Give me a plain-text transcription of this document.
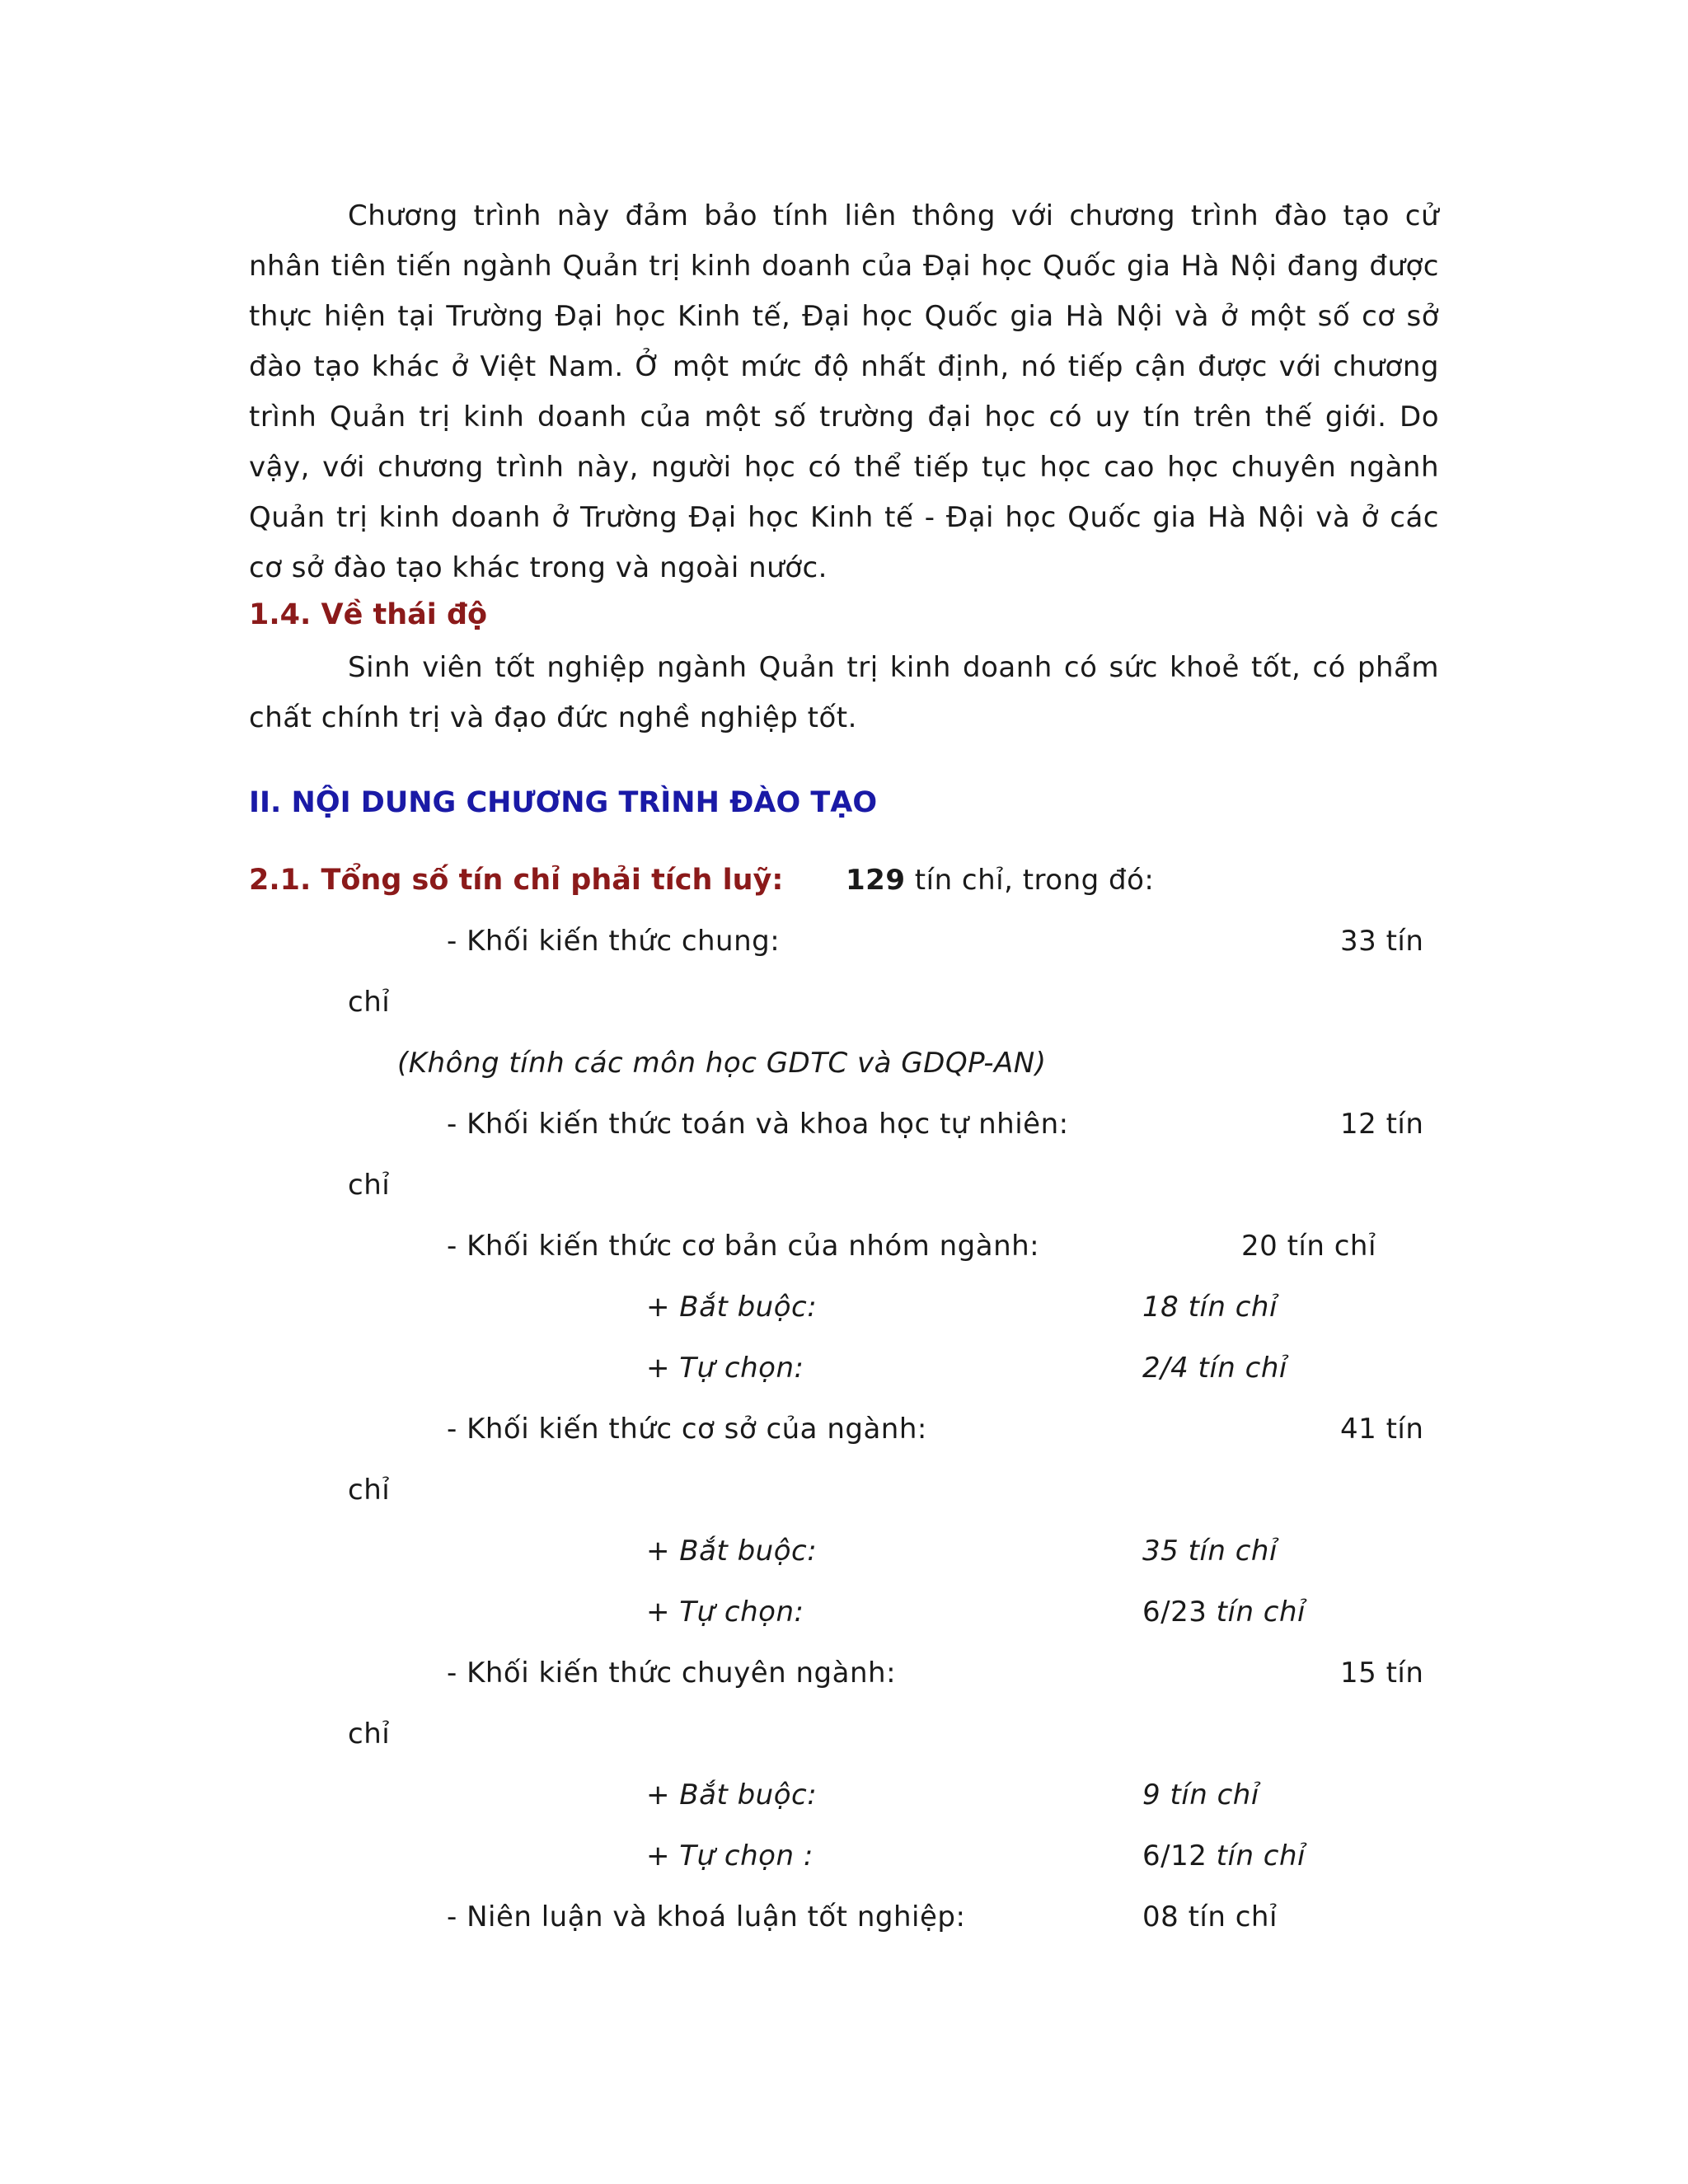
Chương trình này đảm bảo tính liên thông với chương trình đào tạo cử nhân tiên tiến ngành Quản trị kinh doanh của Đại học Quốc gia Hà Nội đang được thực hiện tại Trường Đại học Kinh tế, Đại học Quốc gia Hà Nội và ở một số cơ sở đào tạo khác ở Việt Nam. Ở một mức độ nhất định, nó tiếp cận được với chương trình Quản trị kinh doanh của một số trường đại học có uy tín trên thế giới. Do vậy, với chương trình này, người học có thể tiếp tục học cao học chuyên ngành Quản trị kinh doanh ở Trường Đại học Kinh tế - Đại học Quốc gia Hà Nội và ở các cơ sở đào tạo khác trong và ngoài nước.

1.4. Về thái độ

Sinh viên tốt nghiệp ngành Quản trị kinh doanh có sức khoẻ tốt, có phẩm chất chính trị và đạo đức nghề nghiệp tốt.

II. NỘI DUNG CHƯƠNG TRÌNH ĐÀO TẠO

2.1. Tổng số tín chỉ phải tích luỹ: 129 tín chỉ, trong đó:

- Khối kiến thức chung:	33 tín

chỉ

(Không tính các môn học GDTC và GDQP-AN)

- Khối kiến thức toán và khoa học tự nhiên:	12 tín

chỉ

- Khối kiến thức cơ bản của nhóm ngành:	20 tín chỉ

+ Bắt buộc:	18 tín chỉ

+ Tự chọn:	2/4 tín chỉ

- Khối kiến thức cơ sở của ngành:	41 tín

chỉ

+ Bắt buộc:	35 tín chỉ

+ Tự chọn:	6/23 tín chỉ

- Khối kiến thức chuyên ngành:	15 tín

chỉ

+ Bắt buộc:	9 tín chỉ

+ Tự chọn :	6/12 tín chỉ

- Niên luận và khoá luận tốt nghiệp:	08 tín chỉ
